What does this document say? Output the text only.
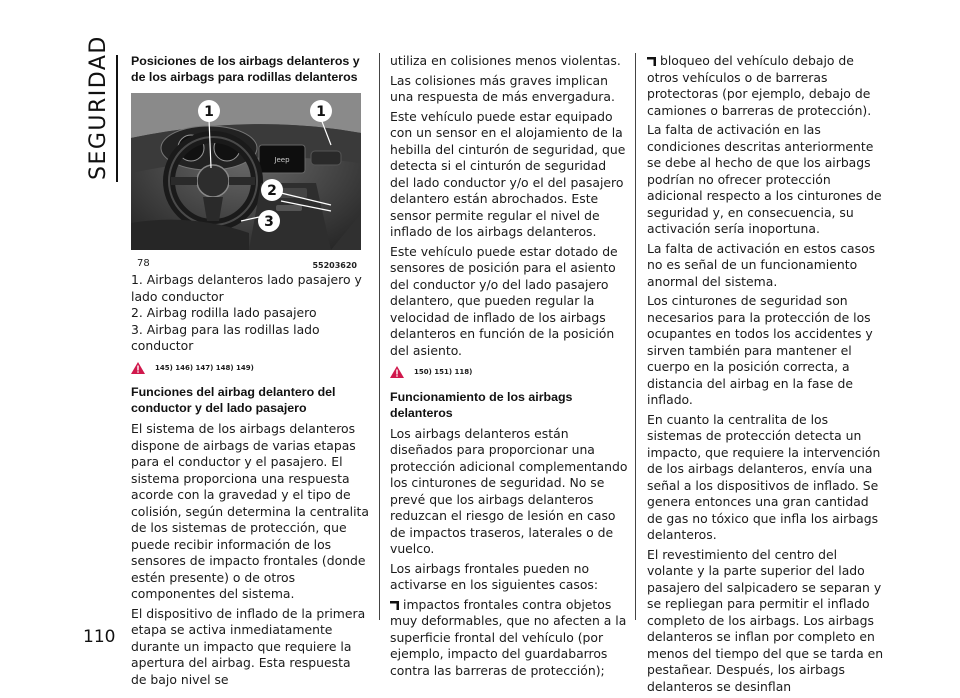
SEGURIDAD
110
Posiciones de los airbags delanteros y de los airbags para rodillas delanteros
Jeep
1	1
2
3
78	55203620
1. Airbags delanteros lado pasajero y lado conductor
2. Airbag rodilla lado pasajero
3. Airbag para las rodillas lado conductor
145) 146) 147) 148) 149)
Funciones del airbag delantero del conductor y del lado pasajero

El sistema de los airbags delanteros dispone de airbags de varias etapas para el conductor y el pasajero. El sistema proporciona una respuesta acorde con la gravedad y el tipo de colisión, según determina la centralita de los sistemas de protección, que puede recibir información de los sensores de impacto frontales (donde estén presente) o de otros componentes del sistema.

El dispositivo de inflado de la primera etapa se activa inmediatamente durante un impacto que requiere la apertura del airbag. Esta respuesta de bajo nivel se

utiliza en colisiones menos violentas.

Las colisiones más graves implican una respuesta de más envergadura.

Este vehículo puede estar equipado con un sensor en el alojamiento de la hebilla del cinturón de seguridad, que detecta si el cinturón de seguridad del lado conductor y/o el del pasajero delantero están abrochados. Este sensor permite regular el nivel de inflado de los airbags delanteros.

Este vehículo puede estar dotado de sensores de posición para el asiento del conductor y/o del lado pasajero delantero, que pueden regular la velocidad de inflado de los airbags delanteros en función de la posición del asiento.

150) 151) 118)
Funcionamiento de los airbags delanteros

Los airbags delanteros están diseñados para proporcionar una protección adicional complementando los cinturones de seguridad. No se prevé que los airbags delanteros reduzcan el riesgo de lesión en caso de impactos traseros, laterales o de vuelco.

Los airbags frontales pueden no activarse en los siguientes casos:

impactos frontales contra objetos muy deformables, que no afecten a la superficie frontal del vehículo (por ejemplo, impacto del guardabarros contra las barreras de protección);

bloqueo del vehículo debajo de otros vehículos o de barreras protectoras (por ejemplo, debajo de camiones o barreras de protección).

La falta de activación en las condiciones descritas anteriormente se debe al hecho de que los airbags podrían no ofrecer protección adicional respecto a los cinturones de seguridad y, en consecuencia, su activación sería inoportuna.

La falta de activación en estos casos no es señal de un funcionamiento anormal del sistema.

Los cinturones de seguridad son necesarios para la protección de los ocupantes en todos los accidentes y sirven también para mantener el cuerpo en la posición correcta, a distancia del airbag en la fase de inflado.

En cuanto la centralita de los sistemas de protección detecta un impacto, que requiere la intervención de los airbags delanteros, envía una señal a los dispositivos de inflado. Se genera entonces una gran cantidad de gas no tóxico que infla los airbags delanteros.

El revestimiento del centro del volante y la parte superior del lado pasajero del salpicadero se separan y se repliegan para permitir el inflado completo de los airbags. Los airbags delanteros se inflan por completo en menos del tiempo del que se tarda en pestañear. Después, los airbags delanteros se desinflan
